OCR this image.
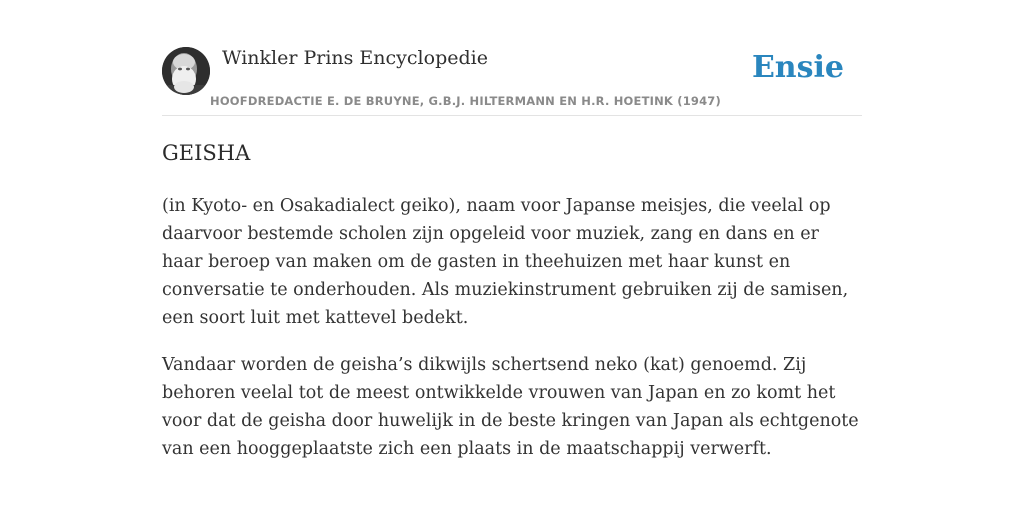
Winkler Prins Encyclopedie
HOOFDREDACTIE E. DE BRUYNE, G.B.J. HILTERMANN EN H.R. HOETINK (1947)
Ensie
GEISHA

(in Kyoto- en Osakadialect geiko), naam voor Japanse meisjes, die veelal op daarvoor bestemde scholen zijn opgeleid voor muziek, zang en dans en er haar beroep van maken om de gasten in theehuizen met haar kunst en conversatie te onderhouden. Als muziekinstrument gebruiken zij de samisen, een soort luit met kattevel bedekt.

Vandaar worden de geisha’s dikwijls schertsend neko (kat) genoemd. Zij behoren veelal tot de meest ontwikkelde vrouwen van Japan en zo komt het voor dat de geisha door huwelijk in de beste kringen van Japan als echtgenote van een hooggeplaatste zich een plaats in de maatschappij verwerft.
